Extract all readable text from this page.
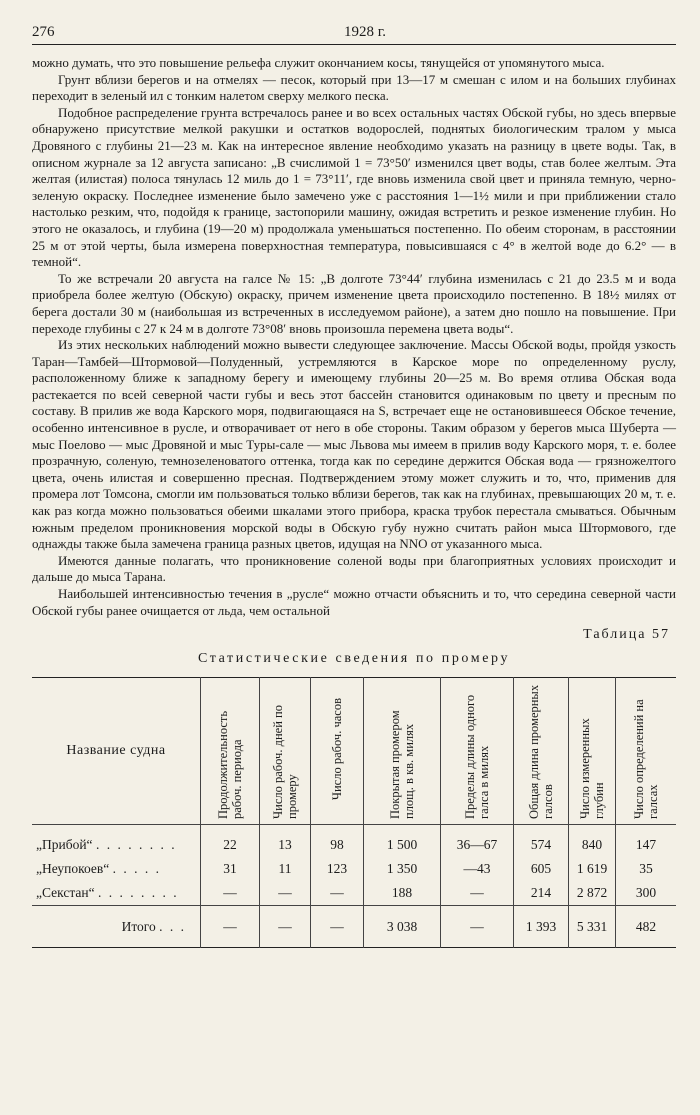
276	1928 г.

можно думать, что это повышение рельефа служит окончанием косы, тянущейся от упомянутого мыса.

Грунт вблизи берегов и на отмелях — песок, который при 13—17 м смешан с илом и на больших глубинах переходит в зеленый ил с тонким налетом сверху мелкого песка.

Подобное распределение грунта встречалось ранее и во всех остальных частях Обской губы, но здесь впервые обнаружено присутствие мелкой ракушки и остатков водорослей, поднятых биологическим тралом у мыса Дровяного с глубины 21—23 м. Как на интересное явление необходимо указать на разницу в цвете воды. Так, в описном журнале за 12 августа записано: „В счислимой 1 = 73°50′ изменился цвет воды, став более желтым. Эта желтая (илистая) полоса тянулась 12 миль до 1 = 73°11′, где вновь изменила свой цвет и приняла темную, черно-зеленую окраску. Последнее изменение было замечено уже с расстояния 1—1½ мили и при приближении стало настолько резким, что, подойдя к границе, застопорили машину, ожидая встретить и резкое изменение глубин. Но этого не оказалось, и глубина (19—20 м) продолжала уменьшаться постепенно. По обеим сторонам, в расстоянии 25 м от этой черты, была измерена поверхностная температура, повысившаяся с 4° в желтой воде до 6.2° — в темной“.

То же встречали 20 августа на галсе № 15: „В долготе 73°44′ глубина изменилась с 21 до 23.5 м и вода приобрела более желтую (Обскую) окраску, причем изменение цвета происходило постепенно. В 18½ милях от берега достали 30 м (наибольшая из встреченных в исследуемом районе), а затем дно пошло на повышение. При переходе глубины с 27 к 24 м в долготе 73°08′ вновь произошла перемена цвета воды“.

Из этих нескольких наблюдений можно вывести следующее заключение. Массы Обской воды, пройдя узкость Таран—Тамбей—Штормовой—Полуденный, устремляются в Карское море по определенному руслу, расположенному ближе к западному берегу и имеющему глубины 20—25 м. Во время отлива Обская вода растекается по всей северной части губы и весь этот бассейн становится одинаковым по цвету и пресным по составу. В прилив же вода Карского моря, подвигающаяся на S, встречает еще не остановившееся Обское течение, особенно интенсивное в русле, и отворачивает от него в обе стороны. Таким образом у берегов мыса Шуберта — мыс Поелово — мыс Дровяной и мыс Туры-сале — мыс Львова мы имеем в прилив воду Карского моря, т. е. более прозрачную, соленую, темнозеленоватого оттенка, тогда как по середине держится Обская вода — грязножелтого цвета, очень илистая и совершенно пресная. Подтверждением этому может служить и то, что, применив для промера лот Томсона, смогли им пользоваться только вблизи берегов, так как на глубинах, превышающих 20 м, т. е. как раз когда можно пользоваться обеими шкалами этого прибора, краска трубок перестала смываться. Обычным южным пределом проникновения морской воды в Обскую губу нужно считать район мыса Штормового, где однажды также была замечена граница разных цветов, идущая на NNO от указанного мыса.

Имеются данные полагать, что проникновение соленой воды при благоприятных условиях происходит и дальше до мыса Тарана.

Наибольшей интенсивностью течения в „русле“ можно отчасти объяснить и то, что середина северной части Обской губы ранее очищается от льда, чем остальной

Таблица 57
Статистические сведения по промеру
Название судна	Продолжительность рабоч. периода	Число рабоч. дней по промеру	Число рабоч. часов	Покрытая промером площ. в кв. милях	Пределы длины одного галса в милях	Общая длина промерных галсов	Число измеренных глубин	Число определений на галсах
„Прибой“ . . . . . . . .	22	13	98	1 500	36—67	574	840	147
„Неупокоев“ . . . . .	31	11	123	1 350	—43	605	1 619	35
„Секстан“ . . . . . . . .	—	—	—	188	—	214	2 872	300
Итого . . .	—	—	—	3 038	—	1 393	5 331	482
